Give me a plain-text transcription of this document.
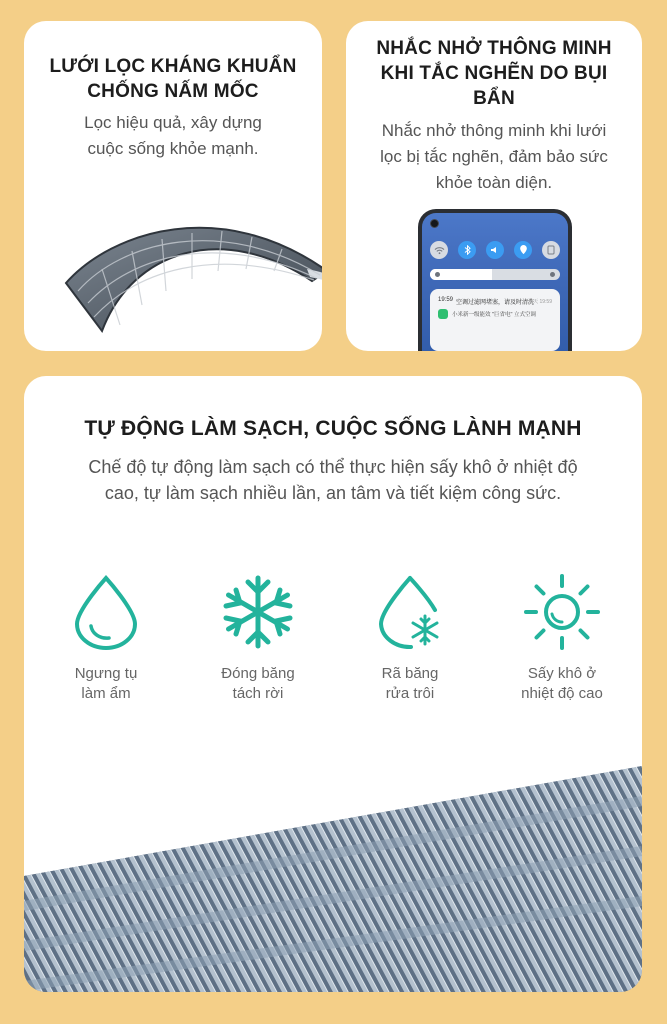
LƯỚI LỌC KHÁNG KHUẨN CHỐNG NẤM MỐC
Lọc hiệu quả, xây dựng cuộc sống khỏe mạnh.
NHẮC NHỞ THÔNG MINH KHI TẮC NGHẼN DO BỤI BẨN
Nhắc nhở thông minh khi lưới lọc bị tắc nghẽn, đảm bảo sức khỏe toàn diện.
19:59 空调过滤网堵塞，请及时清洗
今天 19:59
小米新一级能效 "巨省电" 立式空调
TỰ ĐỘNG LÀM SẠCH, CUỘC SỐNG LÀNH MẠNH
Chế độ tự động làm sạch có thể thực hiện sấy khô ở nhiệt độ cao, tự làm sạch nhiều lần, an tâm và tiết kiệm công sức.
Ngưng tụ
làm ẩm
Đóng băng
tách rời
Rã băng
rửa trôi
Sấy khô ở
nhiệt độ cao
